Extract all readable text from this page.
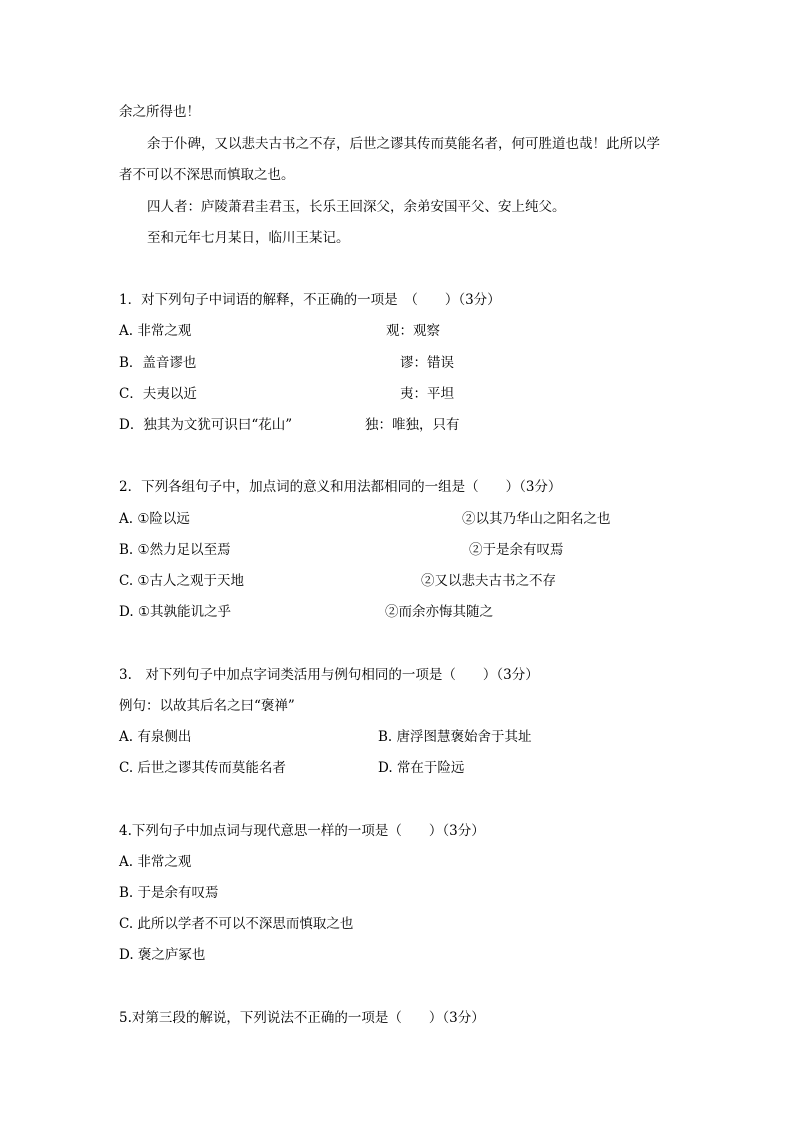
余之所得也！
余于仆碑，又以悲夫古书之不存，后世之谬其传而莫能名者，何可胜道也哉！此所以学
者不可以不深思而慎取之也。
四人者：庐陵萧君圭君玉，长乐王回深父，余弟安国平父、安上纯父。
至和元年七月某日，临川王某记。
1．对下列句子中词语的解释，不正确的一项是　（　　）（3分）
A. 非常之观	观：观察
B．盖音谬也	谬：错误
C．夫夷以近	夷：平坦
D．独其为文犹可识曰“花山”	独：唯独，只有
2．下列各组句子中，加点词的意义和用法都相同的一组是（　　）（3分）
A. ①险以远	②以其乃华山之阳名之也
B. ①然力足以至焉	②于是余有叹焉
C. ①古人之观于天地	②又以悲夫古书之不存
D. ①其孰能讥之乎	②而余亦悔其随之
3.　对下列句子中加点字词类活用与例句相同的一项是（　　）（3分）
例句：以故其后名之曰“褒禅”
A. 有泉侧出	B. 唐浮图慧褒始舍于其址
C. 后世之谬其传而莫能名者	D. 常在于险远
4.下列句子中加点词与现代意思一样的一项是（　　）（3分）
A. 非常之观
B. 于是余有叹焉
C. 此所以学者不可以不深思而慎取之也
D. 褒之庐冢也
5.对第三段的解说，下列说法不正确的一项是（　　）（3分）
